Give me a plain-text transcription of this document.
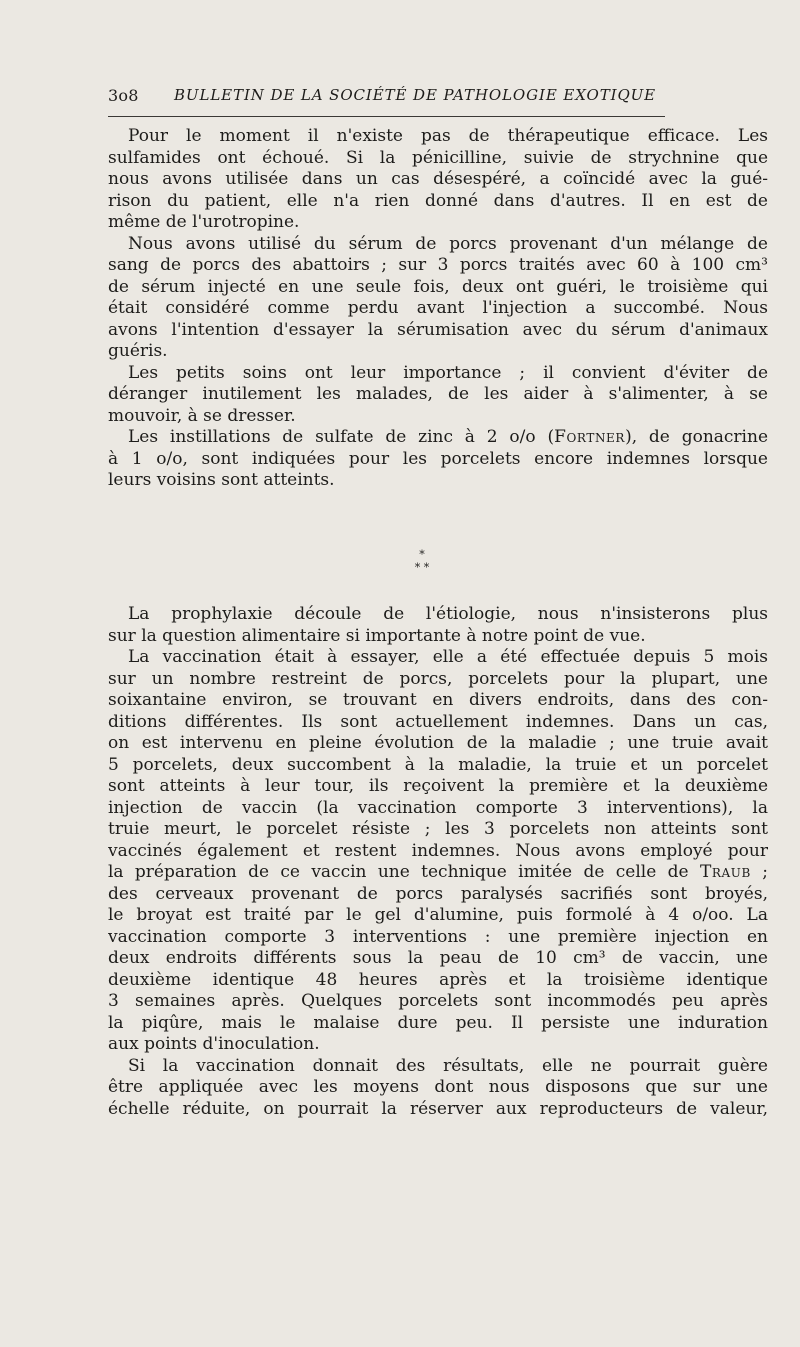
3o8 BULLETIN DE LA SOCIÉTÉ DE PATHOLOGIE EXOTIQUE

Pour le moment il n'existe pas de thérapeutique efficace. Les

sulfamides ont échoué. Si la pénicilline, suivie de strychnine que

nous avons utilisée dans un cas désespéré, a coïncidé avec la gué-

rison du patient, elle n'a rien donné dans d'autres. Il en est de

même de l'urotropine.

Nous avons utilisé du sérum de porcs provenant d'un mélange de

sang de porcs des abattoirs ; sur 3 porcs traités avec 60 à 100 cm³

de sérum injecté en une seule fois, deux ont guéri, le troisième qui

était considéré comme perdu avant l'injection a succombé. Nous

avons l'intention d'essayer la sérumisation avec du sérum d'animaux

guéris.

Les petits soins ont leur importance ; il convient d'éviter de

déranger inutilement les malades, de les aider à s'alimenter, à se

mouvoir, à se dresser.

Les instillations de sulfate de zinc à 2 o/o (Fortner), de gonacrine

à 1 o/o, sont indiquées pour les porcelets encore indemnes lorsque

leurs voisins sont atteints.

*
* *

La prophylaxie découle de l'étiologie, nous n'insisterons plus

sur la question alimentaire si importante à notre point de vue.

La vaccination était à essayer, elle a été effectuée depuis 5 mois

sur un nombre restreint de porcs, porcelets pour la plupart, une

soixantaine environ, se trouvant en divers endroits, dans des con-

ditions différentes. Ils sont actuellement indemnes. Dans un cas,

on est intervenu en pleine évolution de la maladie ; une truie avait

5 porcelets, deux succombent à la maladie, la truie et un porcelet

sont atteints à leur tour, ils reçoivent la première et la deuxième

injection de vaccin (la vaccination comporte 3 interventions), la

truie meurt, le porcelet résiste ; les 3 porcelets non atteints sont

vaccinés également et restent indemnes. Nous avons employé pour

la préparation de ce vaccin une technique imitée de celle de Traub ;

des cerveaux provenant de porcs paralysés sacrifiés sont broyés,

le broyat est traité par le gel d'alumine, puis formolé à 4 o/oo. La

vaccination comporte 3 interventions : une première injection en

deux endroits différents sous la peau de 10 cm³ de vaccin, une

deuxième identique 48 heures après et la troisième identique

3 semaines après. Quelques porcelets sont incommodés peu après

la piqûre, mais le malaise dure peu. Il persiste une induration

aux points d'inoculation.

Si la vaccination donnait des résultats, elle ne pourrait guère

être appliquée avec les moyens dont nous disposons que sur une

échelle réduite, on pourrait la réserver aux reproducteurs de valeur,
